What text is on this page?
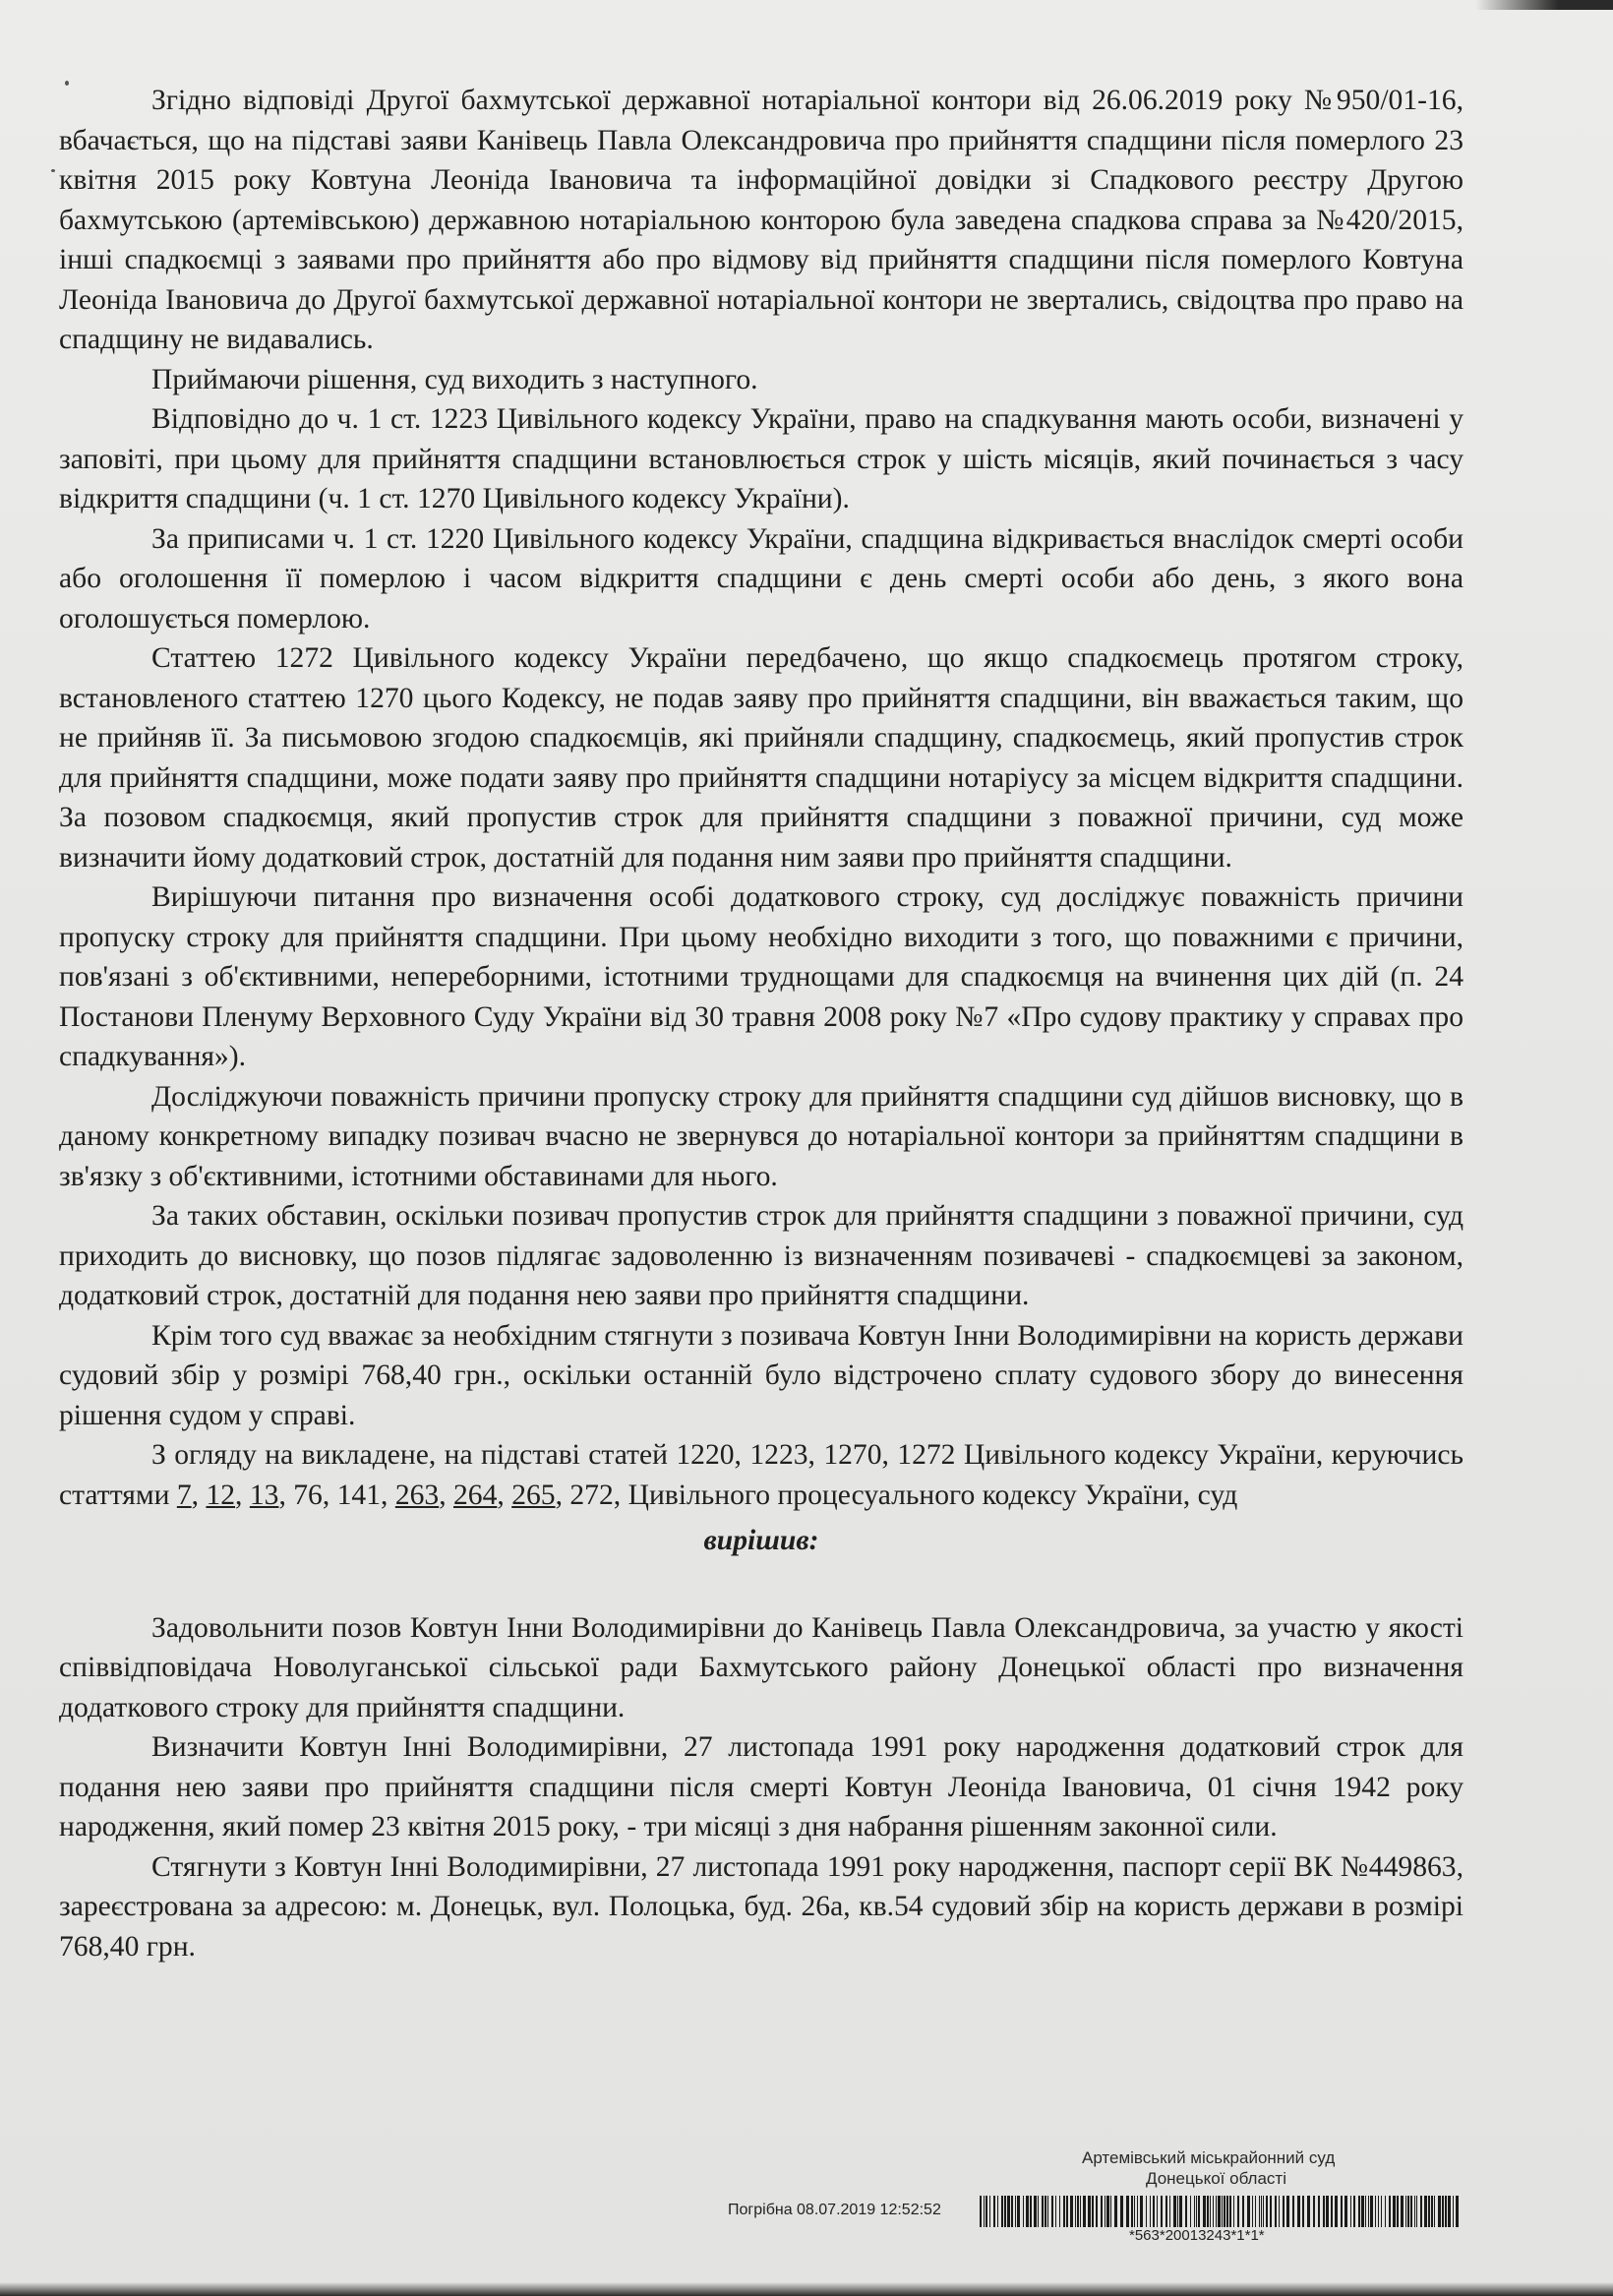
Згідно відповіді Другої бахмутської державної нотаріальної контори від 26.06.2019 року №950/01-16, вбачається, що на підставі заяви Канівець Павла Олександровича про прийняття спадщини після померлого 23 квітня 2015 року Ковтуна Леоніда Івановича та інформаційної довідки зі Спадкового реєстру Другою бахмутською (артемівською) державною нотаріальною конторою була заведена спадкова справа за №420/2015, інші спадкоємці з заявами про прийняття або про відмову від прийняття спадщини після померлого Ковтуна Леоніда Івановича до Другої бахмутської державної нотаріальної контори не звертались, свідоцтва про право на спадщину не видавались.

Приймаючи рішення, суд виходить з наступного.

Відповідно до ч. 1 ст. 1223 Цивільного кодексу України, право на спадкування мають особи, визначені у заповіті, при цьому для прийняття спадщини встановлюється строк у шість місяців, який починається з часу відкриття спадщини (ч. 1 ст. 1270 Цивільного кодексу України).

За приписами ч. 1 ст. 1220 Цивільного кодексу України, спадщина відкривається внаслідок смерті особи або оголошення її померлою і часом відкриття спадщини є день смерті особи або день, з якого вона оголошується померлою.

Статтею 1272 Цивільного кодексу України передбачено, що якщо спадкоємець протягом строку, встановленого статтею 1270 цього Кодексу, не подав заяву про прийняття спадщини, він вважається таким, що не прийняв її. За письмовою згодою спадкоємців, які прийняли спадщину, спадкоємець, який пропустив строк для прийняття спадщини, може подати заяву про прийняття спадщини нотаріусу за місцем відкриття спадщини. За позовом спадкоємця, який пропустив строк для прийняття спадщини з поважної причини, суд може визначити йому додатковий строк, достатній для подання ним заяви про прийняття спадщини.

Вирішуючи питання про визначення особі додаткового строку, суд досліджує поважність причини пропуску строку для прийняття спадщини. При цьому необхідно виходити з того, що поважними є причини, пов'язані з об'єктивними, непереборними, істотними труднощами для спадкоємця на вчинення цих дій (п. 24 Постанови Пленуму Верховного Суду України від 30 травня 2008 року №7 «Про судову практику у справах про спадкування»).

Досліджуючи поважність причини пропуску строку для прийняття спадщини суд дійшов висновку, що в даному конкретному випадку позивач вчасно не звернувся до нотаріальної контори за прийняттям спадщини в зв'язку з об'єктивними, істотними обставинами для нього.

За таких обставин, оскільки позивач пропустив строк для прийняття спадщини з поважної причини, суд приходить до висновку, що позов підлягає задоволенню із визначенням позивачеві - спадкоємцеві за законом, додатковий строк, достатній для подання нею заяви про прийняття спадщини.

Крім того суд вважає за необхідним стягнути з позивача Ковтун Інни Володимирівни на користь держави судовий збір у розмірі 768,40 грн., оскільки останній було відстрочено сплату судового збору до винесення рішення судом у справі.

З огляду на викладене, на підставі статей 1220, 1223, 1270, 1272 Цивільного кодексу України, керуючись статтями 7, 12, 13, 76, 141, 263, 264, 265, 272, Цивільного процесуального кодексу України, суд

вирішив:

Задовольнити позов Ковтун Інни Володимирівни до Канівець Павла Олександровича, за участю у якості співвідповідача Новолуганської сільської ради Бахмутського району Донецької області про визначення додаткового строку для прийняття спадщини.

Визначити Ковтун Інні Володимирівни, 27 листопада 1991 року народження додатковий строк для подання нею заяви про прийняття спадщини після смерті Ковтун Леоніда Івановича, 01 січня 1942 року народження, який помер 23 квітня 2015 року, - три місяці з дня набрання рішенням законної сили.

Стягнути з Ковтун Інні Володимирівни, 27 листопада 1991 року народження, паспорт серії ВК №449863, зареєстрована за адресою: м. Донецьк, вул. Полоцька, буд. 26а, кв.54 судовий збір на користь держави в розмірі 768,40 грн.

Артемівський міськрайонний суд
Донецької області
Погрібна 08.07.2019 12:52:52
*563*20013243*1*1*
